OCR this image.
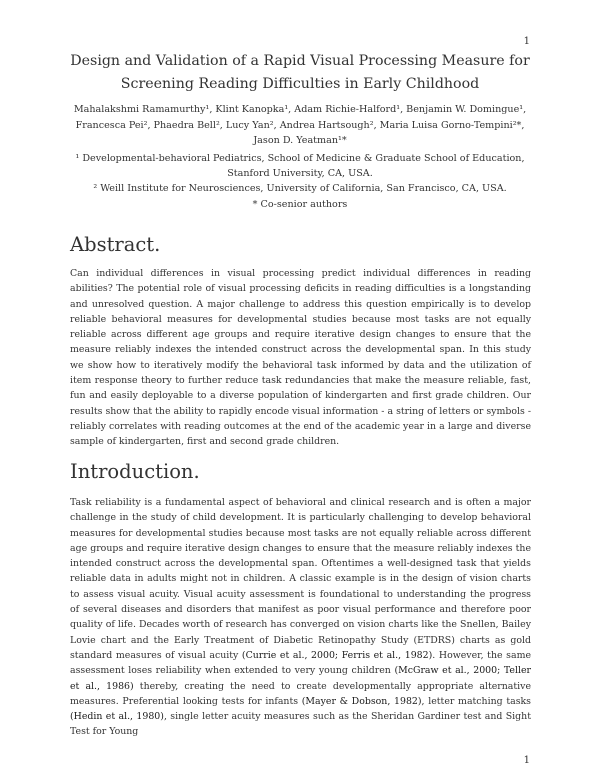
1
Design and Validation of a Rapid Visual Processing Measure for
Screening Reading Difficulties in Early Childhood
Mahalakshmi Ramamurthy¹, Klint Kanopka¹, Adam Richie-Halford¹, Benjamin W. Domingue¹,
Francesca Pei², Phaedra Bell², Lucy Yan², Andrea Hartsough², Maria Luisa Gorno-Tempini²*,
Jason D. Yeatman¹*
¹ Developmental-behavioral Pediatrics, School of Medicine & Graduate School of Education,
Stanford University, CA, USA.
² Weill Institute for Neurosciences, University of California, San Francisco, CA, USA.
* Co-senior authors
Abstract.

Can individual differences in visual processing predict individual differences in reading abilities? The potential role of visual processing deficits in reading difficulties is a longstanding and unresolved question. A major challenge to address this question empirically is to develop reliable behavioral measures for developmental studies because most tasks are not equally reliable across different age groups and require iterative design changes to ensure that the measure reliably indexes the intended construct across the developmental span. In this study we show how to iteratively modify the behavioral task informed by data and the utilization of item response theory to further reduce task redundancies that make the measure reliable, fast, fun and easily deployable to a diverse population of kindergarten and first grade children. Our results show that the ability to rapidly encode visual information - a string of letters or symbols - reliably correlates with reading outcomes at the end of the academic year in a large and diverse sample of kindergarten, first and second grade children.

Introduction.

Task reliability is a fundamental aspect of behavioral and clinical research and is often a major challenge in the study of child development. It is particularly challenging to develop behavioral measures for developmental studies because most tasks are not equally reliable across different age groups and require iterative design changes to ensure that the measure reliably indexes the intended construct across the developmental span. Oftentimes a well-designed task that yields reliable data in adults might not in children. A classic example is in the design of vision charts to assess visual acuity. Visual acuity assessment is foundational to understanding the progress of several diseases and disorders that manifest as poor visual performance and therefore poor quality of life. Decades worth of research has converged on vision charts like the Snellen, Bailey Lovie chart and the Early Treatment of Diabetic Retinopathy Study (ETDRS) charts as gold standard measures of visual acuity (Currie et al., 2000; Ferris et al., 1982). However, the same assessment loses reliability when extended to very young children (McGraw et al., 2000; Teller et al., 1986) thereby, creating the need to create developmentally appropriate alternative measures. Preferential looking tests for infants (Mayer & Dobson, 1982), letter matching tasks (Hedin et al., 1980), single letter acuity measures such as the Sheridan Gardiner test and Sight Test for Young

1
